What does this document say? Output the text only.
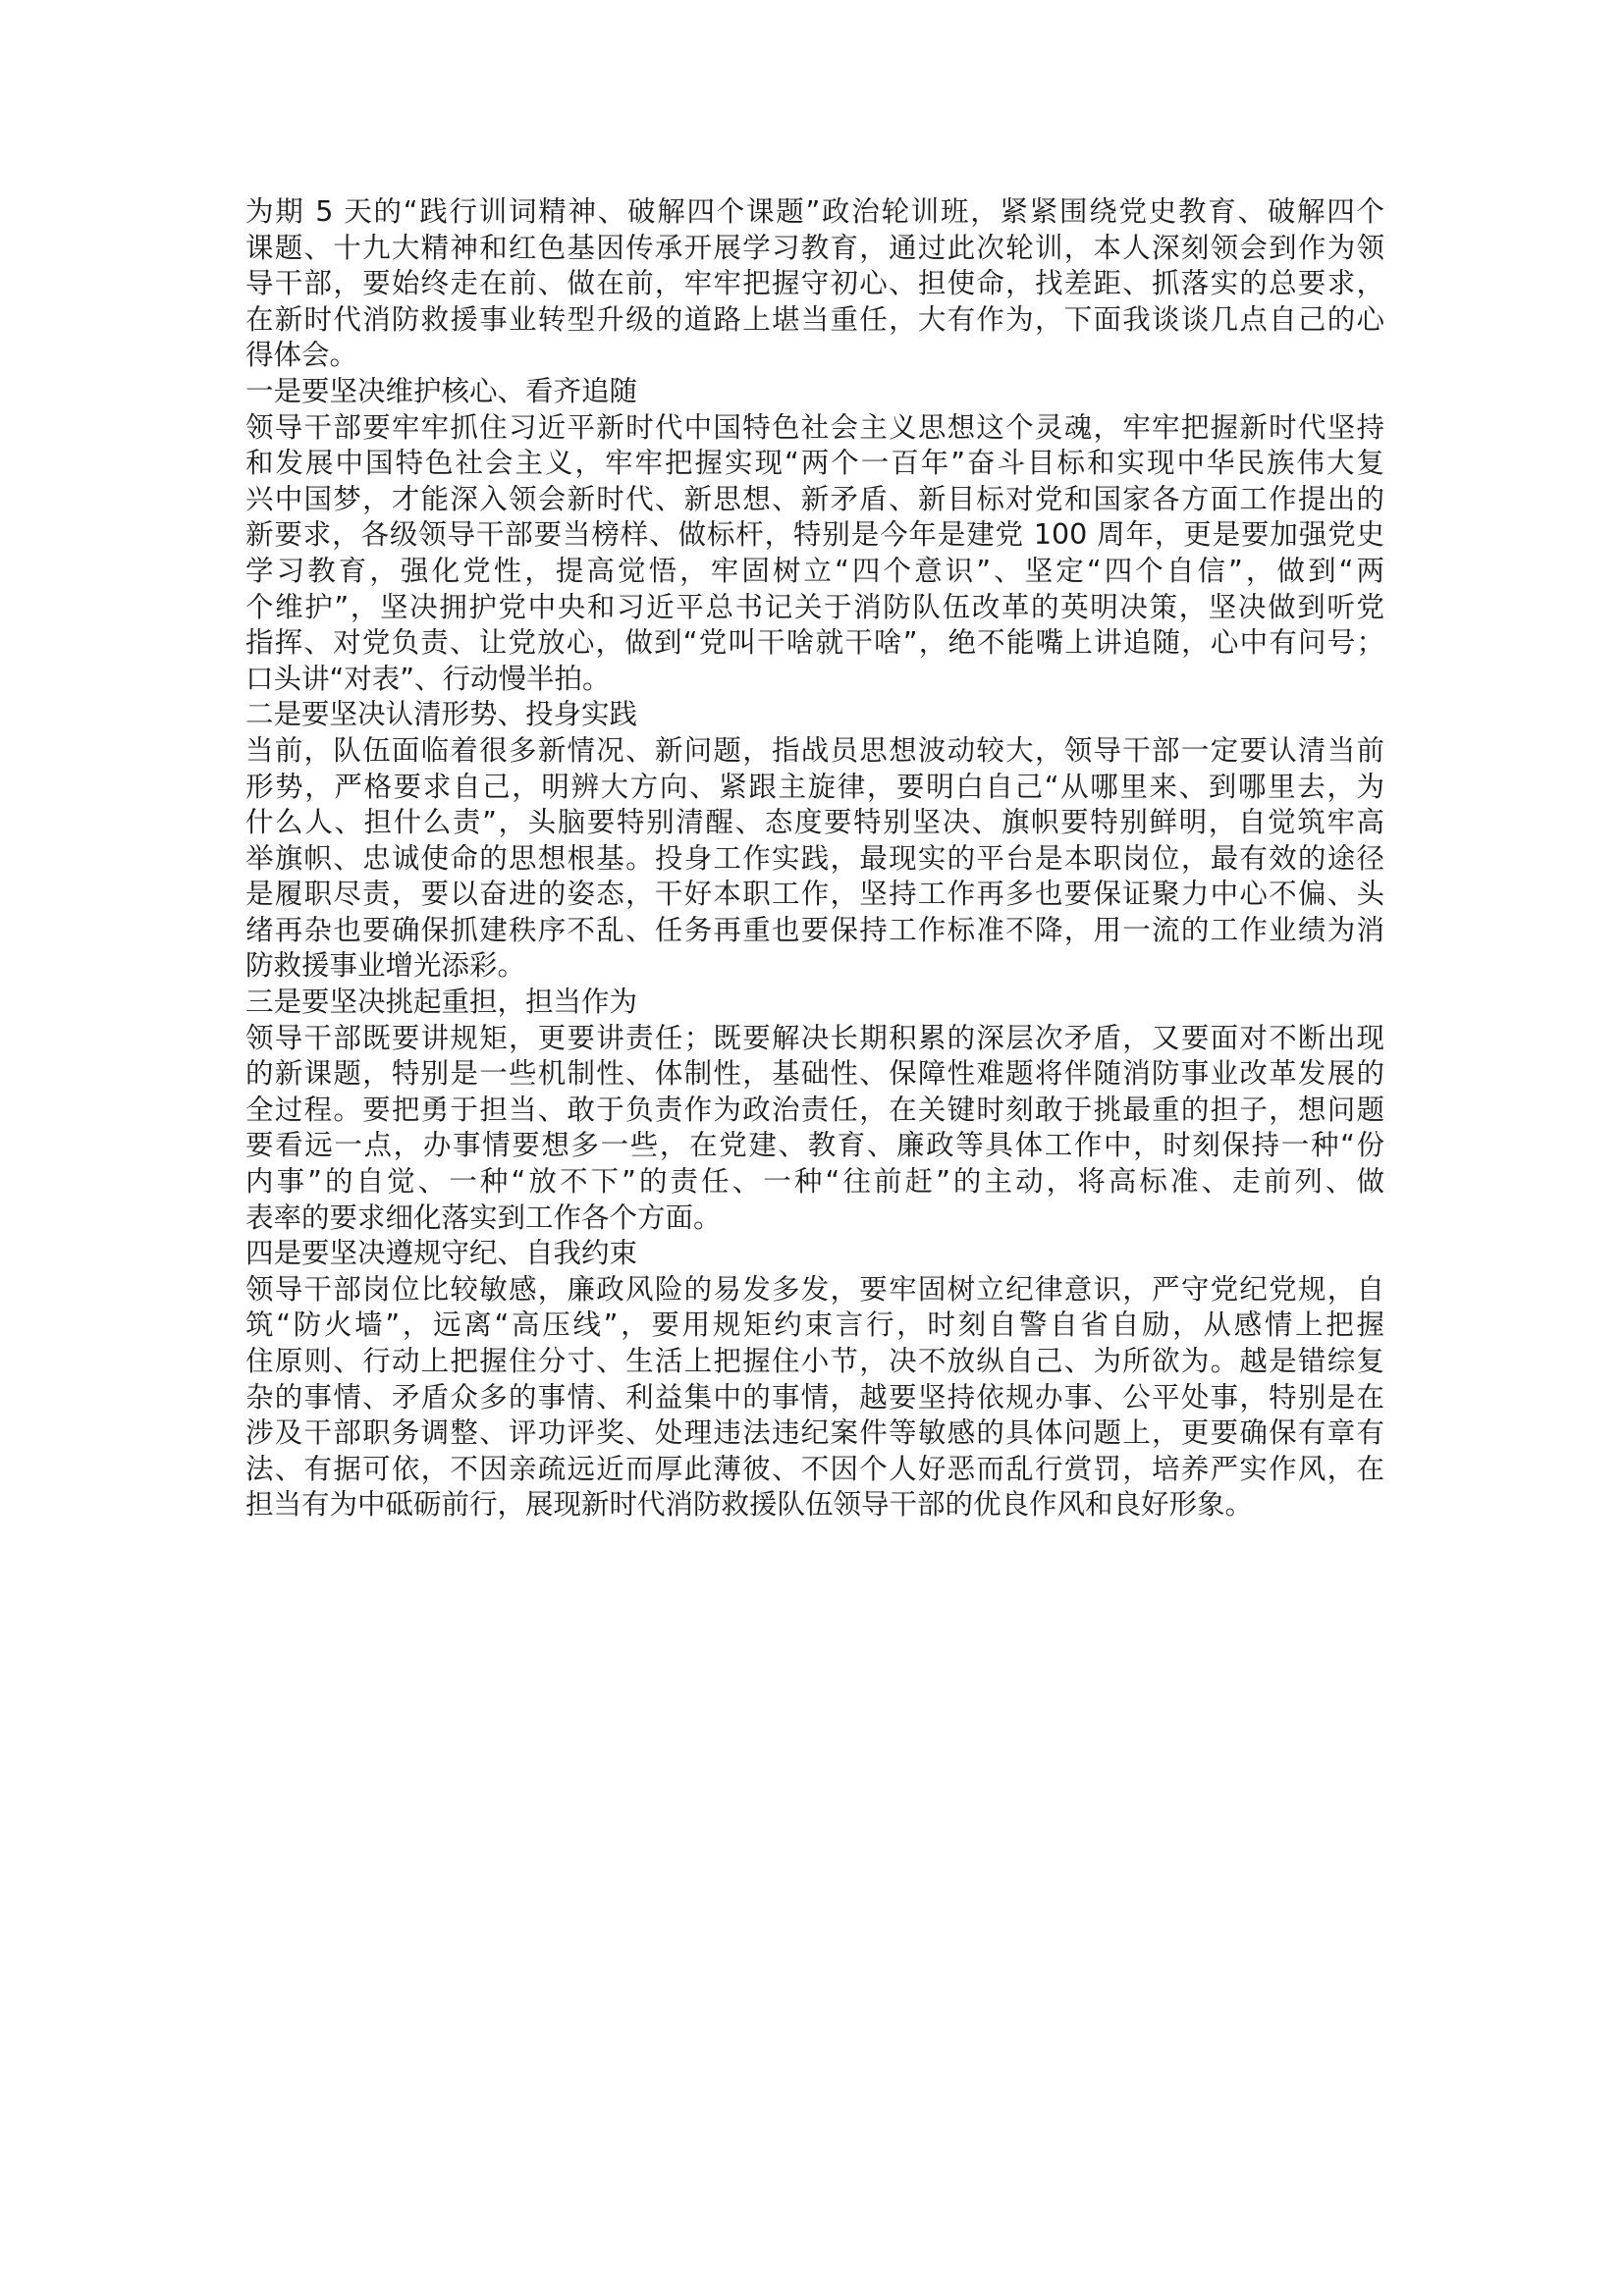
为期 5 天的“践行训词精神、破解四个课题”政治轮训班，紧紧围绕党史教育、破解四个
课题、十九大精神和红色基因传承开展学习教育，通过此次轮训，本人深刻领会到作为领
导干部，要始终走在前、做在前，牢牢把握守初心、担使命，找差距、抓落实的总要求，
在新时代消防救援事业转型升级的道路上堪当重任，大有作为，下面我谈谈几点自己的心
得体会。
一是要坚决维护核心、看齐追随
领导干部要牢牢抓住习近平新时代中国特色社会主义思想这个灵魂，牢牢把握新时代坚持
和发展中国特色社会主义，牢牢把握实现“两个一百年”奋斗目标和实现中华民族伟大复
兴中国梦，才能深入领会新时代、新思想、新矛盾、新目标对党和国家各方面工作提出的
新要求，各级领导干部要当榜样、做标杆，特别是今年是建党 100 周年，更是要加强党史
学习教育，强化党性，提高觉悟，牢固树立“四个意识”、坚定“四个自信”，做到“两
个维护”，坚决拥护党中央和习近平总书记关于消防队伍改革的英明决策，坚决做到听党
指挥、对党负责、让党放心，做到“党叫干啥就干啥”，绝不能嘴上讲追随，心中有问号；
口头讲“对表”、行动慢半拍。
二是要坚决认清形势、投身实践
当前，队伍面临着很多新情况、新问题，指战员思想波动较大，领导干部一定要认清当前
形势，严格要求自己，明辨大方向、紧跟主旋律，要明白自己“从哪里来、到哪里去，为
什么人、担什么责”，头脑要特别清醒、态度要特别坚决、旗帜要特别鲜明，自觉筑牢高
举旗帜、忠诚使命的思想根基。投身工作实践，最现实的平台是本职岗位，最有效的途径
是履职尽责，要以奋进的姿态，干好本职工作，坚持工作再多也要保证聚力中心不偏、头
绪再杂也要确保抓建秩序不乱、任务再重也要保持工作标准不降，用一流的工作业绩为消
防救援事业增光添彩。
三是要坚决挑起重担，担当作为
领导干部既要讲规矩，更要讲责任；既要解决长期积累的深层次矛盾，又要面对不断出现
的新课题，特别是一些机制性、体制性，基础性、保障性难题将伴随消防事业改革发展的
全过程。要把勇于担当、敢于负责作为政治责任，在关键时刻敢于挑最重的担子，想问题
要看远一点，办事情要想多一些，在党建、教育、廉政等具体工作中，时刻保持一种“份
内事”的自觉、一种“放不下”的责任、一种“往前赶”的主动，将高标准、走前列、做
表率的要求细化落实到工作各个方面。
四是要坚决遵规守纪、自我约束
领导干部岗位比较敏感，廉政风险的易发多发，要牢固树立纪律意识，严守党纪党规，自
筑“防火墙”，远离“高压线”，要用规矩约束言行，时刻自警自省自励，从感情上把握
住原则、行动上把握住分寸、生活上把握住小节，决不放纵自己、为所欲为。越是错综复
杂的事情、矛盾众多的事情、利益集中的事情，越要坚持依规办事、公平处事，特别是在
涉及干部职务调整、评功评奖、处理违法违纪案件等敏感的具体问题上，更要确保有章有
法、有据可依，不因亲疏远近而厚此薄彼、不因个人好恶而乱行赏罚，培养严实作风，在
担当有为中砥砺前行，展现新时代消防救援队伍领导干部的优良作风和良好形象。
